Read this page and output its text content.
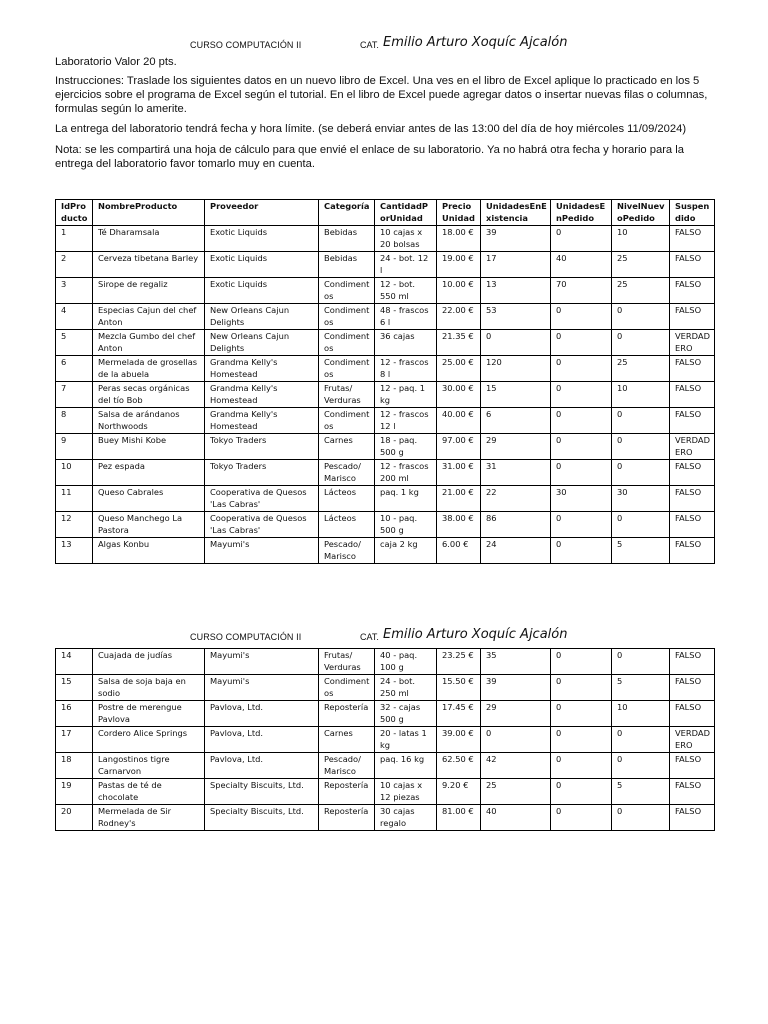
CURSO COMPUTACIÓN II	CAT. Emilio Arturo Xoquíc Ajcalón

Laboratorio Valor 20 pts.

Instrucciones: Traslade los siguientes datos en un nuevo libro de Excel. Una ves en el libro de Excel aplique lo practicado en los 5 ejercicios sobre el programa de Excel según el tutorial. En el libro de Excel puede agregar datos o insertar nuevas filas o columnas, formulas según lo amerite.

La entrega del laboratorio tendrá fecha y hora límite. (se deberá enviar antes de las 13:00 del día de hoy miércoles 11/09/2024)

Nota: se les compartirá una hoja de cálculo para que envié el enlace de su laboratorio. Ya no habrá otra fecha y horario para la entrega del laboratorio favor tomarlo muy en cuenta.

IdProducto	NombreProducto	Proveedor	Categoría	CantidadPorUnidad	PrecioUnidad	UnidadesEnExistencia	UnidadesEnPedido	NivelNuevoPedido	Suspendido
1	Té Dharamsala	Exotic Liquids	Bebidas	10 cajas x 20 bolsas	18.00 €	39	0	10	FALSO
2	Cerveza tibetana Barley	Exotic Liquids	Bebidas	24 - bot. 12 l	19.00 €	17	40	25	FALSO
3	Sirope de regaliz	Exotic Liquids	Condimentos	12 - bot. 550 ml	10.00 €	13	70	25	FALSO
4	Especias Cajun del chef Anton	New Orleans Cajun Delights	Condimentos	48 - frascos 6 l	22.00 €	53	0	0	FALSO
5	Mezcla Gumbo del chef Anton	New Orleans Cajun Delights	Condimentos	36 cajas	21.35 €	0	0	0	VERDADERO
6	Mermelada de grosellas de la abuela	Grandma Kelly's Homestead	Condimentos	12 - frascos 8 l	25.00 €	120	0	25	FALSO
7	Peras secas orgánicas del tío Bob	Grandma Kelly's Homestead	Frutas/ Verduras	12 - paq. 1 kg	30.00 €	15	0	10	FALSO
8	Salsa de arándanos Northwoods	Grandma Kelly's Homestead	Condimentos	12 - frascos 12 l	40.00 €	6	0	0	FALSO
9	Buey Mishi Kobe	Tokyo Traders	Carnes	18 - paq. 500 g	97.00 €	29	0	0	VERDADERO
10	Pez espada	Tokyo Traders	Pescado/ Marisco	12 - frascos 200 ml	31.00 €	31	0	0	FALSO
11	Queso Cabrales	Cooperativa de Quesos 'Las Cabras'	Lácteos	paq. 1 kg	21.00 €	22	30	30	FALSO
12	Queso Manchego La Pastora	Cooperativa de Quesos 'Las Cabras'	Lácteos	10 - paq. 500 g	38.00 €	86	0	0	FALSO
13	Algas Konbu	Mayumi's	Pescado/ Marisco	caja 2 kg	6.00 €	24	0	5	FALSO
CURSO COMPUTACIÓN II	CAT. Emilio Arturo Xoquíc Ajcalón
14	Cuajada de judías	Mayumi's	Frutas/ Verduras	40 - paq. 100 g	23.25 €	35	0	0	FALSO
15	Salsa de soja baja en sodio	Mayumi's	Condimentos	24 - bot. 250 ml	15.50 €	39	0	5	FALSO
16	Postre de merengue Pavlova	Pavlova, Ltd.	Repostería	32 - cajas 500 g	17.45 €	29	0	10	FALSO
17	Cordero Alice Springs	Pavlova, Ltd.	Carnes	20 - latas 1 kg	39.00 €	0	0	0	VERDADERO
18	Langostinos tigre Carnarvon	Pavlova, Ltd.	Pescado/ Marisco	paq. 16 kg	62.50 €	42	0	0	FALSO
19	Pastas de té de chocolate	Specialty Biscuits, Ltd.	Repostería	10 cajas x 12 piezas	9.20 €	25	0	5	FALSO
20	Mermelada de Sir Rodney's	Specialty Biscuits, Ltd.	Repostería	30 cajas regalo	81.00 €	40	0	0	FALSO
